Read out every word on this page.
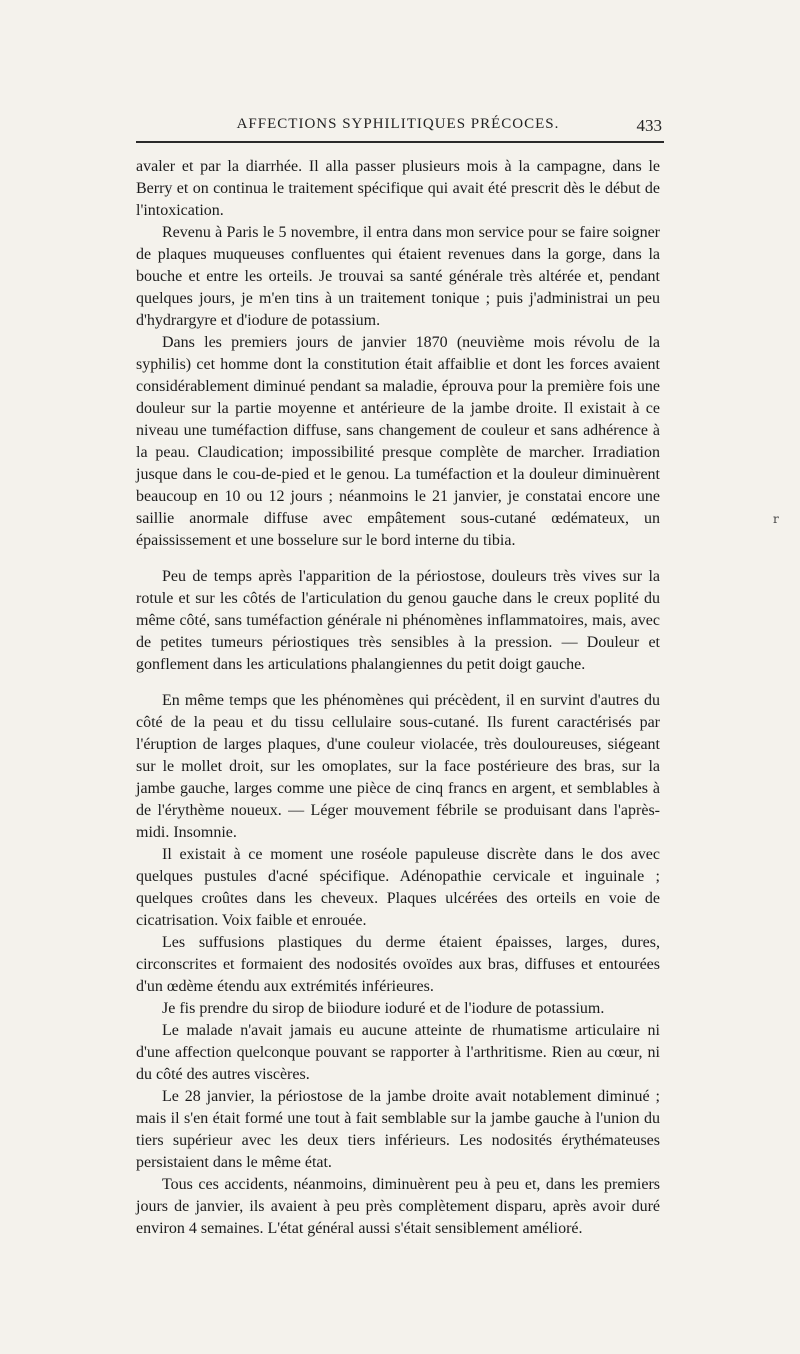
AFFECTIONS SYPHILITIQUES PRÉCOCES.	433

avaler et par la diarrhée. Il alla passer plusieurs mois à la campagne, dans le Berry et on continua le traitement spécifique qui avait été prescrit dès le début de l'intoxication.

Revenu à Paris le 5 novembre, il entra dans mon service pour se faire soigner de plaques muqueuses confluentes qui étaient revenues dans la gorge, dans la bouche et entre les orteils. Je trouvai sa santé générale très altérée et, pendant quelques jours, je m'en tins à un traitement tonique ; puis j'administrai un peu d'hydrargyre et d'iodure de potassium.

Dans les premiers jours de janvier 1870 (neuvième mois révolu de la syphilis) cet homme dont la constitution était affaiblie et dont les forces avaient considérablement diminué pendant sa maladie, éprouva pour la première fois une douleur sur la partie moyenne et antérieure de la jambe droite. Il existait à ce niveau une tuméfaction diffuse, sans changement de couleur et sans adhérence à la peau. Claudication; impossibilité presque complète de marcher. Irradiation jusque dans le cou-de-pied et le genou. La tuméfaction et la douleur diminuèrent beaucoup en 10 ou 12 jours ; néanmoins le 21 janvier, je constatai encore une saillie anormale diffuse avec empâtement sous-cutané œdémateux, un épaississement et une bosselure sur le bord interne du tibia.

Peu de temps après l'apparition de la périostose, douleurs très vives sur la rotule et sur les côtés de l'articulation du genou gauche dans le creux poplité du même côté, sans tuméfaction générale ni phénomènes inflammatoires, mais, avec de petites tumeurs périostiques très sensibles à la pression. — Douleur et gonflement dans les articulations phalangiennes du petit doigt gauche.

En même temps que les phénomènes qui précèdent, il en survint d'autres du côté de la peau et du tissu cellulaire sous-cutané. Ils furent caractérisés par l'éruption de larges plaques, d'une couleur violacée, très douloureuses, siégeant sur le mollet droit, sur les omoplates, sur la face postérieure des bras, sur la jambe gauche, larges comme une pièce de cinq francs en argent, et semblables à de l'érythème noueux. — Léger mouvement fébrile se produisant dans l'après-midi. Insomnie.

Il existait à ce moment une roséole papuleuse discrète dans le dos avec quelques pustules d'acné spécifique. Adénopathie cervicale et inguinale ; quelques croûtes dans les cheveux. Plaques ulcérées des orteils en voie de cicatrisation. Voix faible et enrouée.

Les suffusions plastiques du derme étaient épaisses, larges, dures, circonscrites et formaient des nodosités ovoïdes aux bras, diffuses et entourées d'un œdème étendu aux extrémités inférieures.

Je fis prendre du sirop de biiodure ioduré et de l'iodure de potassium.

Le malade n'avait jamais eu aucune atteinte de rhumatisme articulaire ni d'une affection quelconque pouvant se rapporter à l'arthritisme. Rien au cœur, ni du côté des autres viscères.

Le 28 janvier, la périostose de la jambe droite avait notablement diminué ; mais il s'en était formé une tout à fait semblable sur la jambe gauche à l'union du tiers supérieur avec les deux tiers inférieurs. Les nodosités érythémateuses persistaient dans le même état.

Tous ces accidents, néanmoins, diminuèrent peu à peu et, dans les premiers jours de janvier, ils avaient à peu près complètement disparu, après avoir duré environ 4 semaines. L'état général aussi s'était sensiblement amélioré.

r
